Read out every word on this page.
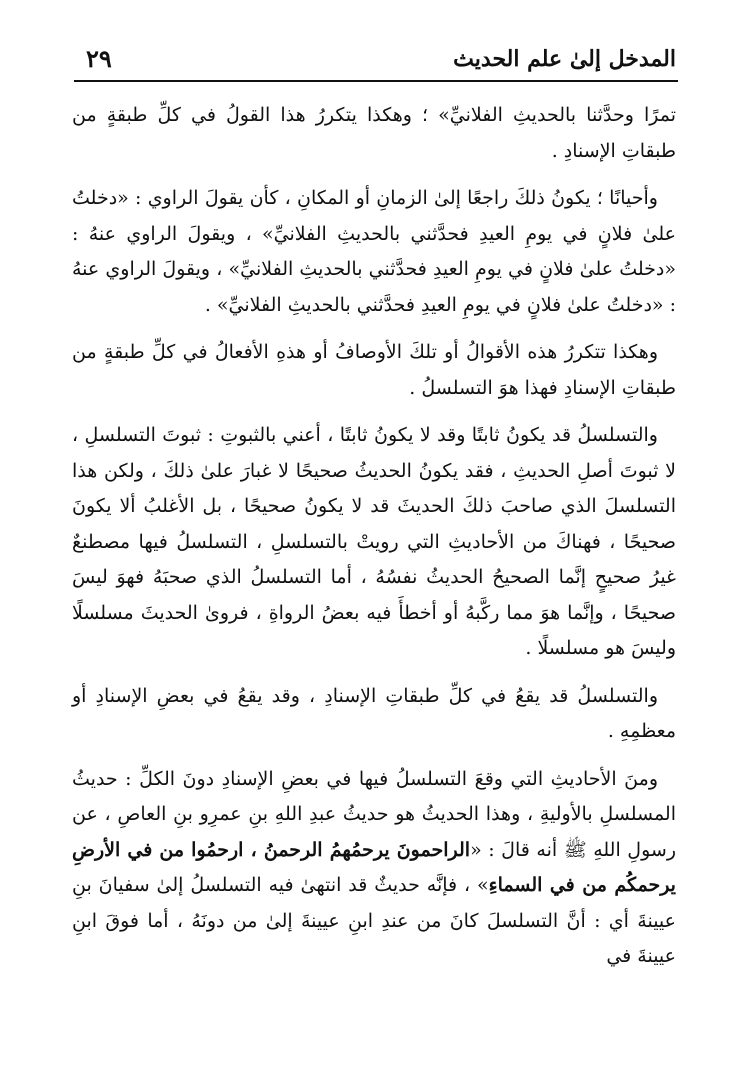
المدخل إلىٰ علم الحديث
٢٩

تمرًا وحدَّثنا بالحديثِ الفلانيِّ» ؛ وهكذا يتكررُ هذا القولُ في كلِّ طبقةٍ من طبقاتِ الإسنادِ .

وأحيانًا ؛ يكونُ ذلكَ راجعًا إلىٰ الزمانِ أو المكانِ ، كأن يقولَ الراوي : «دخلتُ علىٰ فلانٍ في يومِ العيدِ فحدَّثني بالحديثِ الفلانيِّ» ، ويقولَ الراوي عنهُ : «دخلتُ علىٰ فلانٍ في يومِ العيدِ فحدَّثني بالحديثِ الفلانيِّ» ، ويقولَ الراوي عنهُ : «دخلتُ علىٰ فلانٍ في يومِ العيدِ فحدَّثني بالحديثِ الفلانيِّ» .

وهكذا تتكررُ هذه الأقوالُ أو تلكَ الأوصافُ أو هذهِ الأفعالُ في كلِّ طبقةٍ من طبقاتِ الإسنادِ فهذا هوَ التسلسلُ .

والتسلسلُ قد يكونُ ثابتًا وقد لا يكونُ ثابتًا ، أعني بالثبوتِ : ثبوتَ التسلسلِ ، لا ثبوتَ أصلِ الحديثِ ، فقد يكونُ الحديثُ صحيحًا لا غبارَ علىٰ ذلكَ ، ولكن هذا التسلسلَ الذي صاحبَ ذلكَ الحديثَ قد لا يكونُ صحيحًا ، بل الأغلبُ ألا يكونَ صحيحًا ، فهناكَ من الأحاديثِ التي رويتْ بالتسلسلِ ، التسلسلُ فيها مصطنعٌ غيرُ صحيحٍ إنَّما الصحيحُ الحديثُ نفسُهُ ، أما التسلسلُ الذي صحبَهُ فهوَ ليسَ صحيحًا ، وإنَّما هوَ مما ركَّبهُ أو أخطأَ فيه بعضُ الرواةِ ، فروىٰ الحديثَ مسلسلًا وليسَ هو مسلسلًا .

والتسلسلُ قد يقعُ في كلِّ طبقاتِ الإسنادِ ، وقد يقعُ في بعضِ الإسنادِ أو معظمِهِ .

ومنَ الأحاديثِ التي وقعَ التسلسلُ فيها في بعضِ الإسنادِ دونَ الكلِّ : حديثُ المسلسلِ بالأوليةِ ، وهذا الحديثُ هو حديثُ عبدِ اللهِ بنِ عمرِو بنِ العاصِ ، عن رسولِ اللهِ ﷺ أنه قالَ : «الراحمونَ يرحمُهمُ الرحمنُ ، ارحمُوا من في الأرضِ يرحمكُم من في السماءِ» ، فإنَّه حديثٌ قد انتهىٰ فيه التسلسلُ إلىٰ سفيانَ بنِ عيينةَ أي : أنَّ التسلسلَ كانَ من عندِ ابنِ عيينةَ إلىٰ من دونَهُ ، أما فوقَ ابنِ عيينةَ في
